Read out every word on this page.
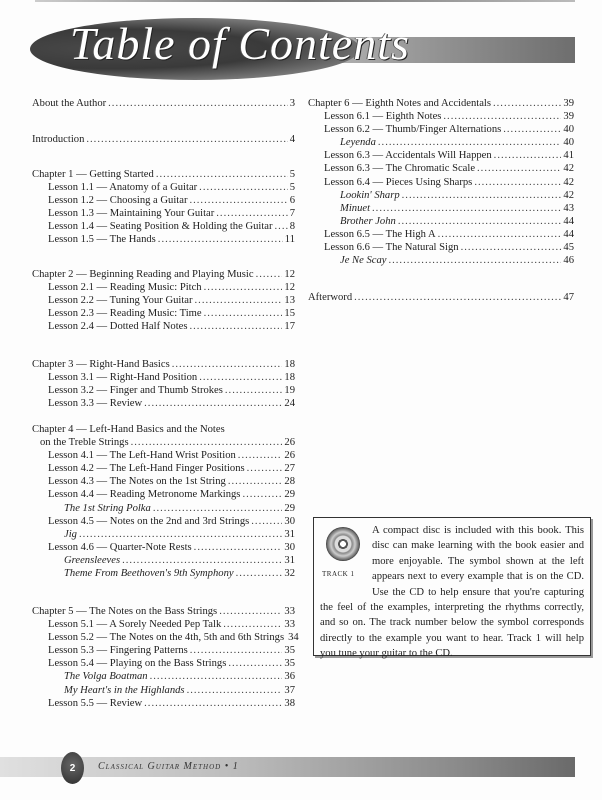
Table of Contents
About the Author .....	3
Introduction .....	4
Chapter 1 — Getting Started .....	5
Lesson 1.1 — Anatomy of a Guitar .....	5
Lesson 1.2 — Choosing a Guitar .....	6
Lesson 1.3 — Maintaining Your Guitar .....	7
Lesson 1.4 — Seating Position & Holding the Guitar ..... 8
Lesson 1.5 — The Hands .....	11
Chapter 2 — Beginning Reading and Playing Music .....	12
Lesson 2.1 — Reading Music: Pitch .....	12
Lesson 2.2 — Tuning Your Guitar .....	13
Lesson 2.3 — Reading Music: Time .....	15
Lesson 2.4 — Dotted Half Notes .....	17
Chapter 3 — Right-Hand Basics .....	18
Lesson 3.1 — Right-Hand Position .....	18
Lesson 3.2 — Finger and Thumb Strokes .....	19
Lesson 3.3 — Review .....	24
Chapter 4 — Left-Hand Basics and the Notes
on the Treble Strings .....	26
Lesson 4.1 — The Left-Hand Wrist Position .....	26
Lesson 4.2 — The Left-Hand Finger Positions .....	27
Lesson 4.3 — The Notes on the 1st String .....	28
Lesson 4.4 — Reading Metronome Markings .....	29
The 1st String Polka .....	29
Lesson 4.5 — Notes on the 2nd and 3rd Strings .....	30
Jig .....	31
Lesson 4.6 — Quarter-Note Rests .....	30
Greensleeves .....	31
Theme From Beethoven's 9th Symphony .....	32
Chapter 5 — The Notes on the Bass Strings .....	33
Lesson 5.1 — A Sorely Needed Pep Talk .....	33
Lesson 5.2 — The Notes on the 4th, 5th and 6th Strings 34
Lesson 5.3 — Fingering Patterns .....	35
Lesson 5.4 — Playing on the Bass Strings .....	35
The Volga Boatman .....	36
My Heart's in the Highlands .....	37
Lesson 5.5 — Review .....	38
Chapter 6 — Eighth Notes and Accidentals .....	39
Lesson 6.1 — Eighth Notes .....	39
Lesson 6.2 — Thumb/Finger Alternations .....	40
Leyenda .....	40
Lesson 6.3 — Accidentals Will Happen .....	41
Lesson 6.3 — The Chromatic Scale .....	42
Lesson 6.4 — Pieces Using Sharps .....	42
Lookin' Sharp .....	42
Minuet .....	43
Brother John .....	44
Lesson 6.5 — The High A .....	44
Lesson 6.6 — The Natural Sign .....	45
Je Ne Scay .....	46
Afterword .....	47
TRACK 1
A compact disc is included with this book. This disc can make learning with the book easier and more enjoyable. The symbol shown at the left appears next to every example that is on the CD. Use the CD to help ensure that you're capturing the feel of the examples, interpreting the rhythms correctly, and so on. The track number below the symbol corresponds directly to the example you want to hear. Track 1 will help you tune your guitar to the CD.
2 Classical Guitar Method • 1
